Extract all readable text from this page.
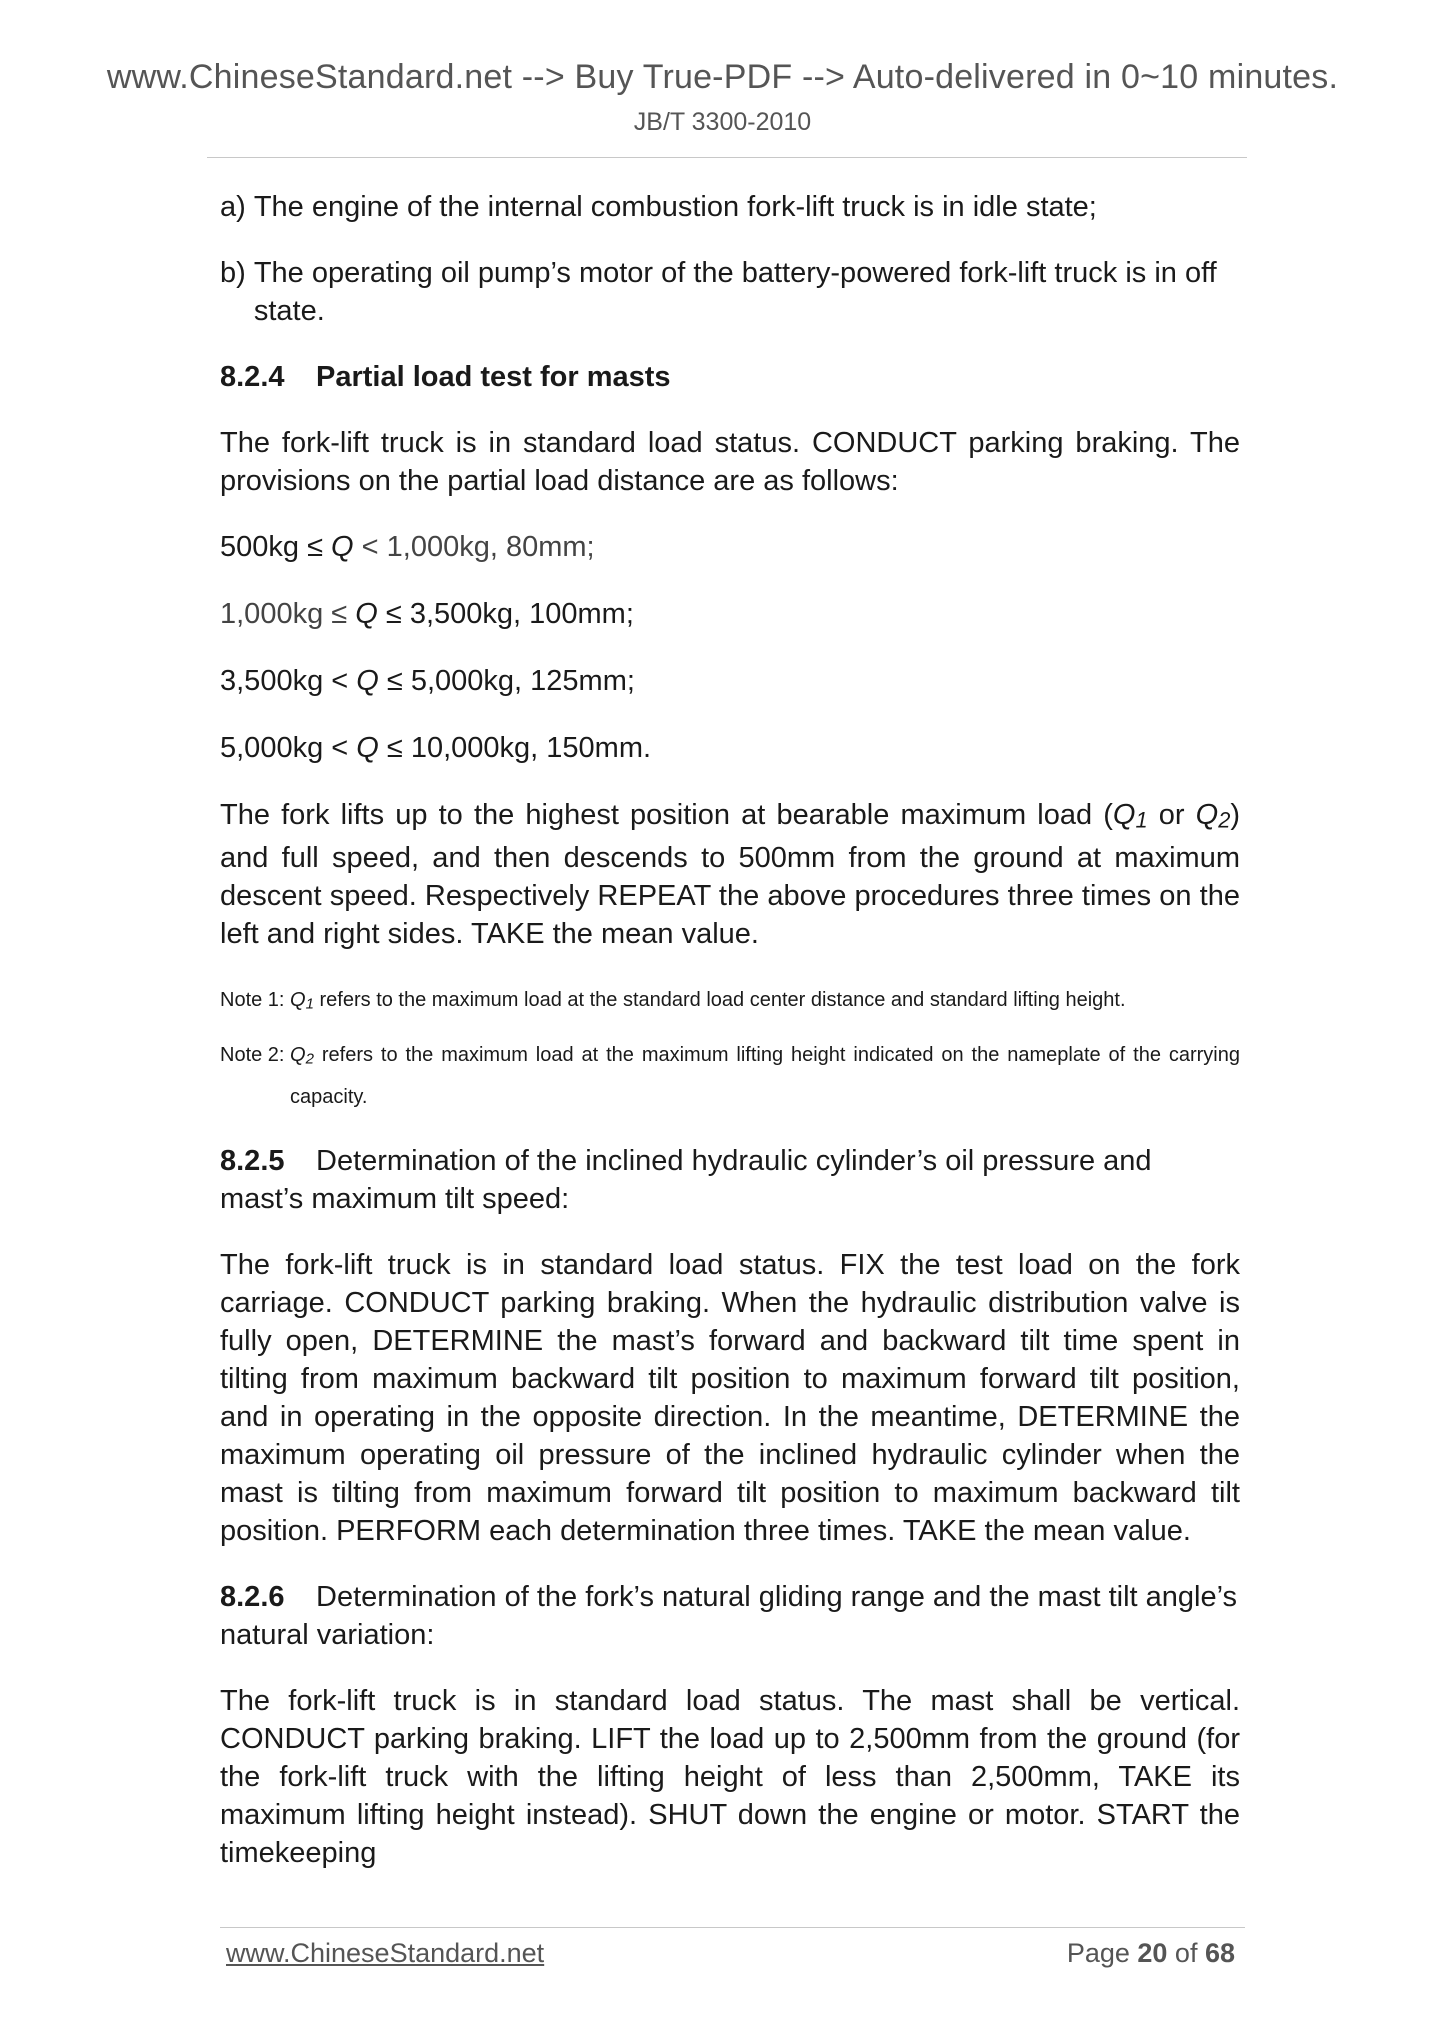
www.ChineseStandard.net --> Buy True-PDF --> Auto-delivered in 0~10 minutes.
JB/T 3300-2010
a) The engine of the internal combustion fork-lift truck is in idle state;
b) The operating oil pump’s motor of the battery-powered fork-lift truck is in off state.

8.2.4 Partial load test for masts

The fork-lift truck is in standard load status. CONDUCT parking braking. The provisions on the partial load distance are as follows:

500kg ≤ Q < 1,000kg, 80mm;

1,000kg ≤ Q ≤ 3,500kg, 100mm;

3,500kg < Q ≤ 5,000kg, 125mm;

5,000kg < Q ≤ 10,000kg, 150mm.

The fork lifts up to the highest position at bearable maximum load (Q1 or Q2) and full speed, and then descends to 500mm from the ground at maximum descent speed. Respectively REPEAT the above procedures three times on the left and right sides. TAKE the mean value.

Note 1: Q1 refers to the maximum load at the standard load center distance and standard lifting height.
Note 2: Q2 refers to the maximum load at the maximum lifting height indicated on the nameplate of the carrying capacity.

8.2.5 Determination of the inclined hydraulic cylinder’s oil pressure and mast’s maximum tilt speed:

The fork-lift truck is in standard load status. FIX the test load on the fork carriage. CONDUCT parking braking. When the hydraulic distribution valve is fully open, DETERMINE the mast’s forward and backward tilt time spent in tilting from maximum backward tilt position to maximum forward tilt position, and in operating in the opposite direction. In the meantime, DETERMINE the maximum operating oil pressure of the inclined hydraulic cylinder when the mast is tilting from maximum forward tilt position to maximum backward tilt position. PERFORM each determination three times. TAKE the mean value.

8.2.6 Determination of the fork’s natural gliding range and the mast tilt angle’s natural variation:

The fork-lift truck is in standard load status. The mast shall be vertical. CONDUCT parking braking. LIFT the load up to 2,500mm from the ground (for the fork-lift truck with the lifting height of less than 2,500mm, TAKE its maximum lifting height instead). SHUT down the engine or motor. START the timekeeping

www.ChineseStandard.net	Page 20 of 68
